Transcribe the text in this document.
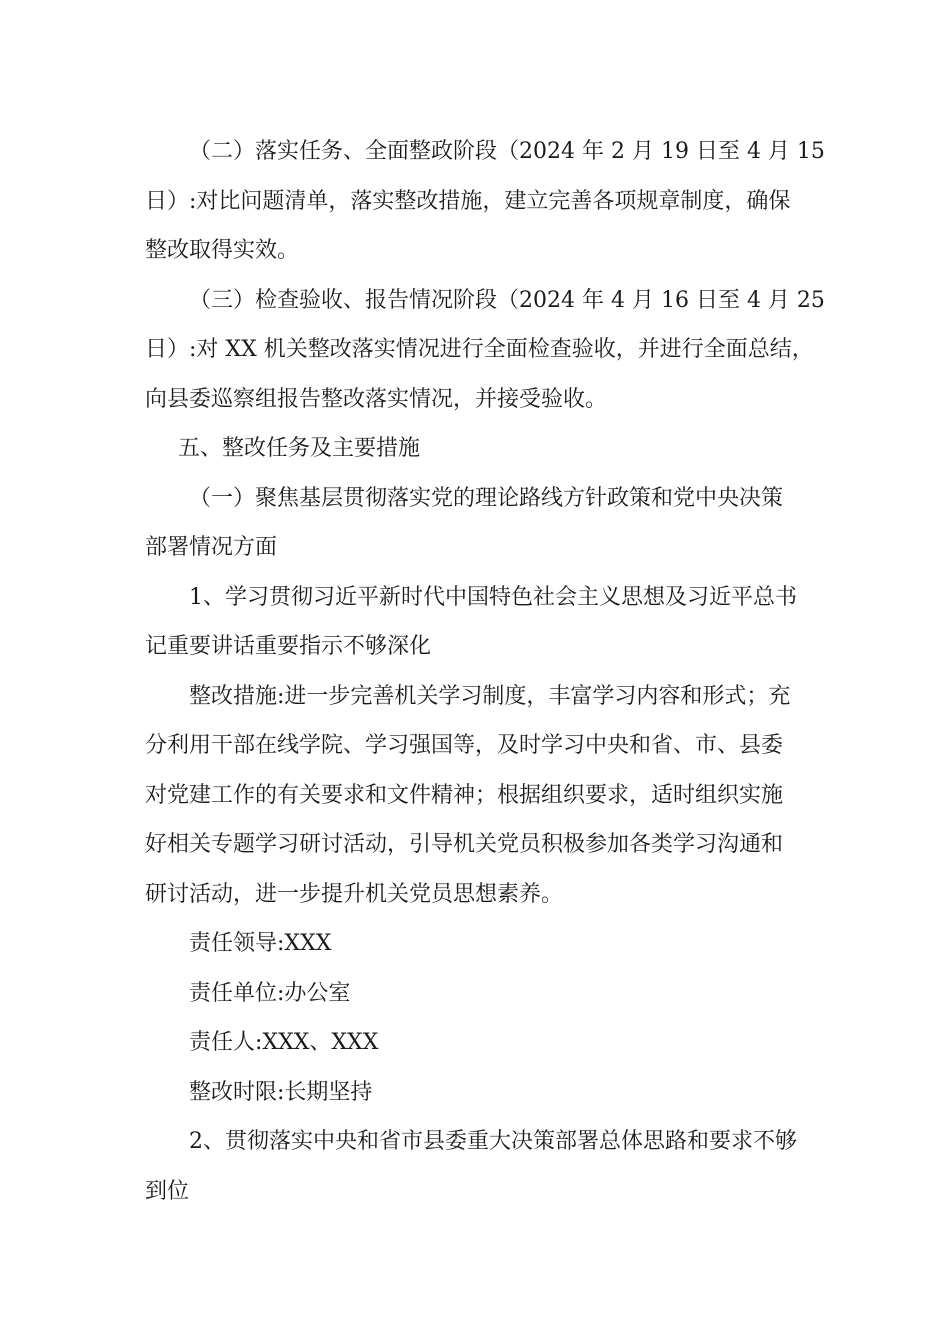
（二）落实任务、全面整政阶段（2024 年 2 月 19 日至 4 月 15
日）:对比问题清单，落实整改措施，建立完善各项规章制度，确保
整改取得实效。

（三）检查验收、报告情况阶段（2024 年 4 月 16 日至 4 月 25
日）:对 XX 机关整改落实情况进行全面检查验收，并进行全面总结，
向县委巡察组报告整改落实情况，并接受验收。

五、整改任务及主要措施

（一）聚焦基层贯彻落实党的理论路线方针政策和党中央决策
部署情况方面

1、学习贯彻习近平新时代中国特色社会主义思想及习近平总书
记重要讲话重要指示不够深化

整改措施:进一步完善机关学习制度，丰富学习内容和形式；充
分利用干部在线学院、学习强国等，及时学习中央和省、市、县委
对党建工作的有关要求和文件精神；根据组织要求，适时组织实施
好相关专题学习研讨活动，引导机关党员积极参加各类学习沟通和
研讨活动，进一步提升机关党员思想素养。

责任领导:XXX

责任单位:办公室

责任人:XXX、XXX

整改时限:长期坚持

2、贯彻落实中央和省市县委重大决策部署总体思路和要求不够
到位
